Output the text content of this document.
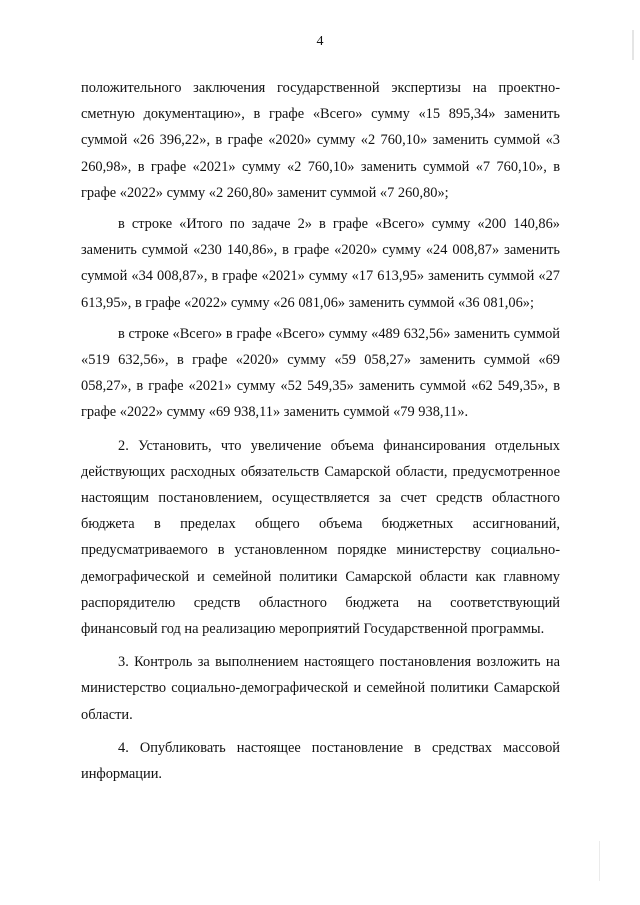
4

положительного заключения государственной экспертизы на проектно-сметную документацию», в графе «Всего» сумму «15 895,34» заменить суммой «26 396,22», в графе «2020» сумму «2 760,10» заменить суммой «3 260,98», в графе «2021» сумму «2 760,10» заменить суммой «7 760,10», в графе «2022» сумму «2 260,80» заменит суммой «7 260,80»;

в строке «Итого по задаче 2» в графе «Всего» сумму «200 140,86» заменить суммой «230 140,86», в графе «2020» сумму «24 008,87» заменить суммой «34 008,87», в графе «2021» сумму «17 613,95» заменить суммой «27 613,95», в графе «2022» сумму «26 081,06» заменить суммой «36 081,06»;

в строке «Всего» в графе «Всего» сумму «489 632,56» заменить суммой «519 632,56», в графе «2020» сумму «59 058,27» заменить суммой «69 058,27», в графе «2021» сумму «52 549,35» заменить суммой «62 549,35», в графе «2022» сумму «69 938,11» заменить суммой «79 938,11».

2. Установить, что увеличение объема финансирования отдельных действующих расходных обязательств Самарской области, предусмотренное настоящим постановлением, осуществляется за счет средств областного бюджета в пределах общего объема бюджетных ассигнований, предусматриваемого в установленном порядке министерству социально-демографической и семейной политики Самарской области как главному распорядителю средств областного бюджета на соответствующий финансовый год на реализацию мероприятий Государственной программы.

3. Контроль за выполнением настоящего постановления возложить на министерство социально-демографической и семейной политики Самарской области.

4. Опубликовать настоящее постановление в средствах массовой информации.
